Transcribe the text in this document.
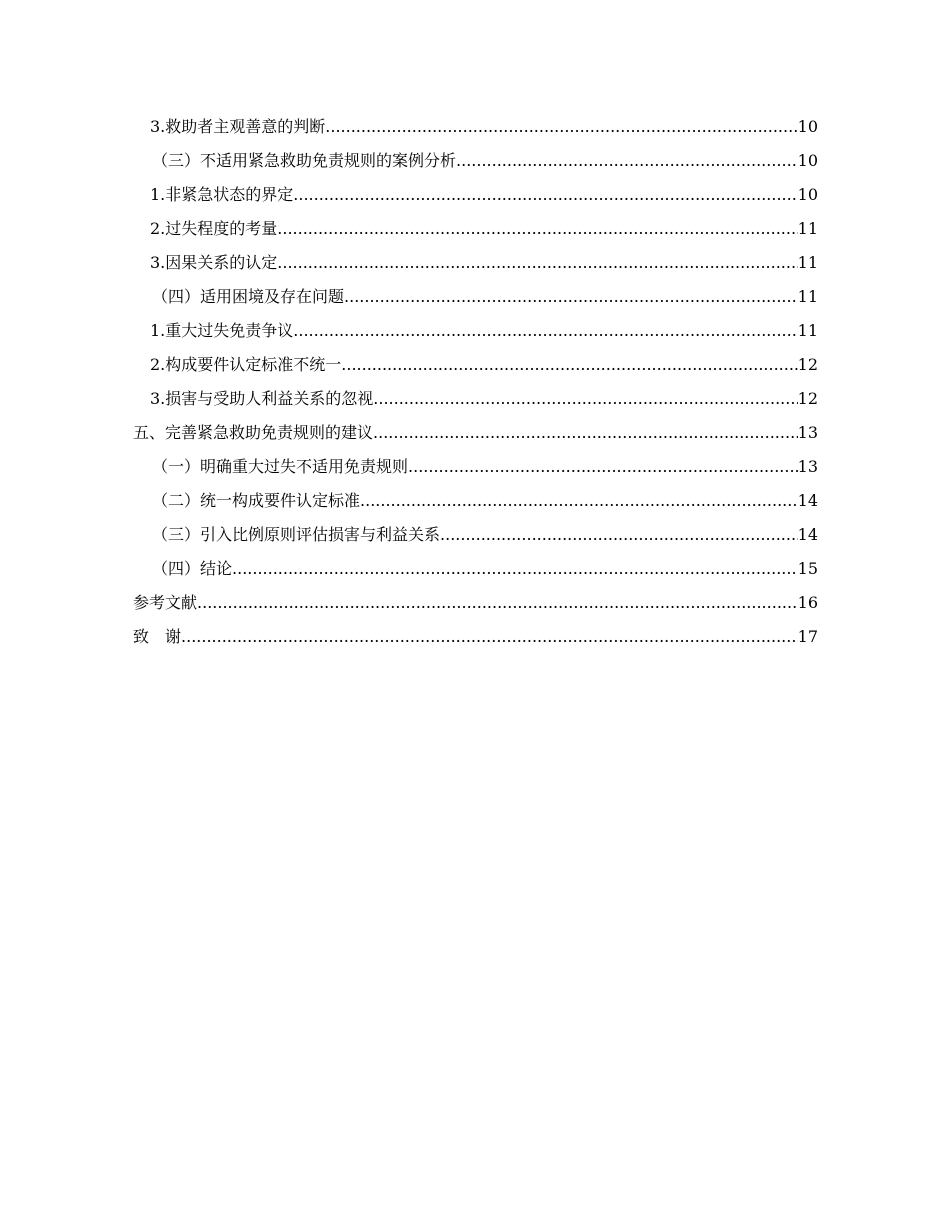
3.救助者主观善意的判断 .....	10
（三）不适用紧急救助免责规则的案例分析 .....	10
1.非紧急状态的界定 .....	10
2.过失程度的考量 .....	11
3.因果关系的认定 .....	11
（四）适用困境及存在问题 .....	11
1.重大过失免责争议 .....	11
2.构成要件认定标准不统一 .....	12
3.损害与受助人利益关系的忽视 .....	12
五、完善紧急救助免责规则的建议 .....	13
（一）明确重大过失不适用免责规则 .....	13
（二）统一构成要件认定标准 .....	14
（三）引入比例原则评估损害与利益关系 .....	14
（四）结论 .....	15
参考文献 .....	16
致　谢 .....	17
